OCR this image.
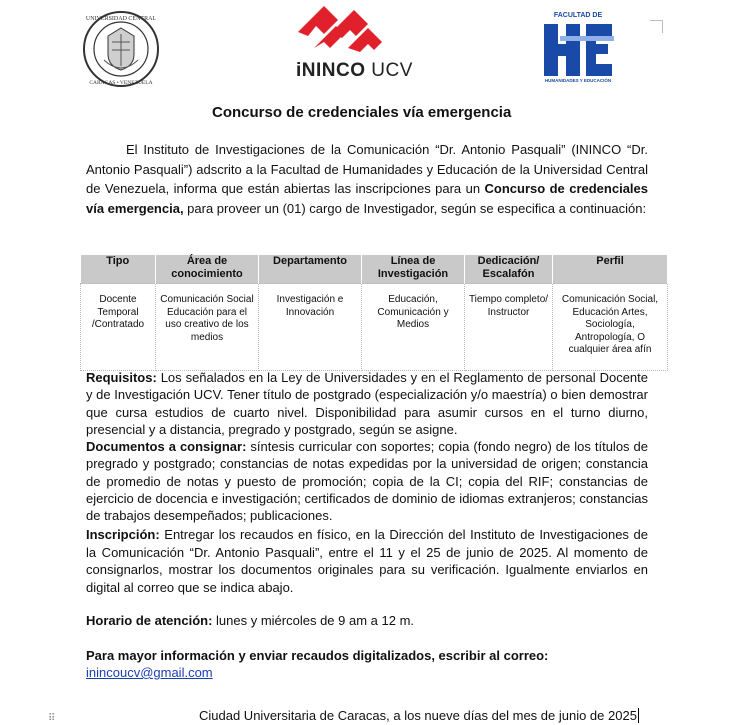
UNIVERSIDAD CENTRAL
CARACAS • VENEZUELA
iNINCO UCV
FACULTAD DE
HUMANIDADES Y EDUCACIÓN
Concurso de credenciales vía emergencia
El Instituto de Investigaciones de la Comunicación “Dr. Antonio Pasquali” (ININCO “Dr. Antonio Pasquali”) adscrito a la Facultad de Humanidades y Educación de la Universidad Central de Venezuela, informa que están abiertas las inscripciones para un Concurso de credenciales vía emergencia, para proveer un (01) cargo de Investigador, según se especifica a continuación:
Tipo	Área de conocimiento	Departamento	Línea de Investigación	Dedicación/ Escalafón	Perfil
Docente Temporal /Contratado	Comunicación Social Educación para el uso creativo de los medios	Investigación e Innovación	Educación, Comunicación y Medios	Tiempo completo/ Instructor	Comunicación Social, Educación Artes, Sociología, Antropología, O cualquier área afín
Requisitos: Los señalados en la Ley de Universidades y en el Reglamento de personal Docente y de Investigación UCV. Tener título de postgrado (especialización y/o maestría) o bien demostrar que cursa estudios de cuarto nivel. Disponibilidad para asumir cursos en el turno diurno, presencial y a distancia, pregrado y postgrado, según se asigne.
Documentos a consignar: síntesis curricular con soportes; copia (fondo negro) de los títulos de pregrado y postgrado; constancias de notas expedidas por la universidad de origen; constancia de promedio de notas y puesto de promoción; copia de la CI; copia del RIF; constancias de ejercicio de docencia e investigación; certificados de dominio de idiomas extranjeros; constancias de trabajos desempeñados; publicaciones.
Inscripción: Entregar los recaudos en físico, en la Dirección del Instituto de Investigaciones de la Comunicación “Dr. Antonio Pasquali”, entre el 11 y el 25 de junio de 2025. Al momento de consignarlos, mostrar los documentos originales para su verificación. Igualmente enviarlos en digital al correo que se indica abajo.
Horario de atención: lunes y miércoles de 9 am a 12 m.
Para mayor información y enviar recaudos digitalizados, escribir al correo:
inincoucv@gmail.com
⠿	Ciudad Universitaria de Caracas, a los nueve días del mes de junio de 2025
